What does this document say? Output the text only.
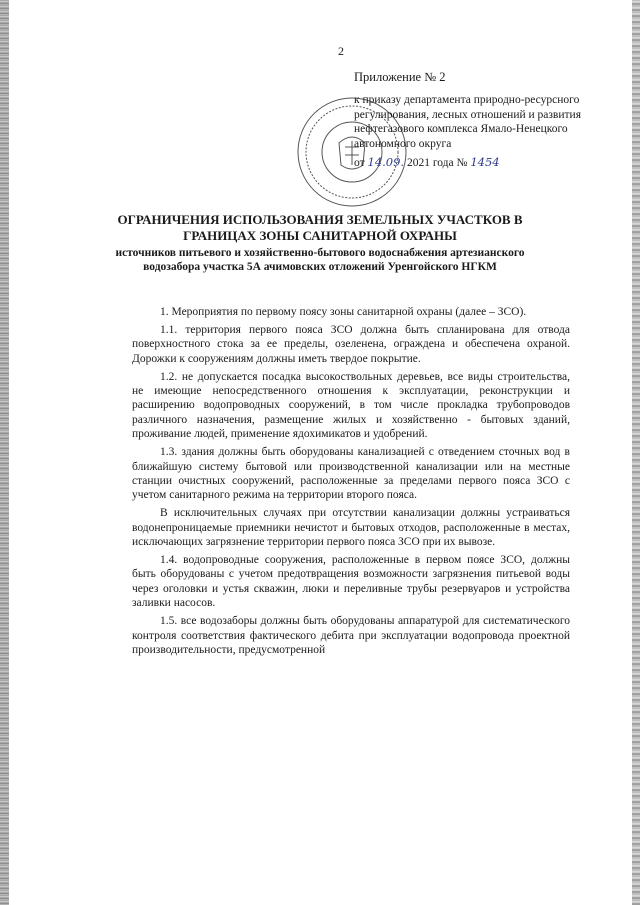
2
Приложение № 2
к приказу департамента природно-ресурсного регулирования, лесных отношений и развития нефтегазового комплекса Ямало-Ненецкого автономного округа
от 14.09. 2021 года № 1454
ОГРАНИЧЕНИЯ ИСПОЛЬЗОВАНИЯ ЗЕМЕЛЬНЫХ УЧАСТКОВ В ГРАНИЦАХ ЗОНЫ САНИТАРНОЙ ОХРАНЫ
источников питьевого и хозяйственно-бытового водоснабжения артезианского водозабора участка 5А ачимовских отложений Уренгойского НГКМ

1. Мероприятия по первому поясу зоны санитарной охраны (далее – ЗСО).

1.1. территория первого пояса ЗСО должна быть спланирована для отвода поверхностного стока за ее пределы, озеленена, ограждена и обеспечена охраной. Дорожки к сооружениям должны иметь твердое покрытие.

1.2. не допускается посадка высокоствольных деревьев, все виды строительства, не имеющие непосредственного отношения к эксплуатации, реконструкции и расширению водопроводных сооружений, в том числе прокладка трубопроводов различного назначения, размещение жилых и хозяйственно - бытовых зданий, проживание людей, применение ядохимикатов и удобрений.

1.3. здания должны быть оборудованы канализацией с отведением сточных вод в ближайшую систему бытовой или производственной канализации или на местные станции очистных сооружений, расположенные за пределами первого пояса ЗСО с учетом санитарного режима на территории второго пояса.

В исключительных случаях при отсутствии канализации должны устраиваться водонепроницаемые приемники нечистот и бытовых отходов, расположенные в местах, исключающих загрязнение территории первого пояса ЗСО при их вывозе.

1.4. водопроводные сооружения, расположенные в первом поясе ЗСО, должны быть оборудованы с учетом предотвращения возможности загрязнения питьевой воды через оголовки и устья скважин, люки и переливные трубы резервуаров и устройства заливки насосов.

1.5. все водозаборы должны быть оборудованы аппаратурой для систематического контроля соответствия фактического дебита при эксплуатации водопровода проектной производительности, предусмотренной
